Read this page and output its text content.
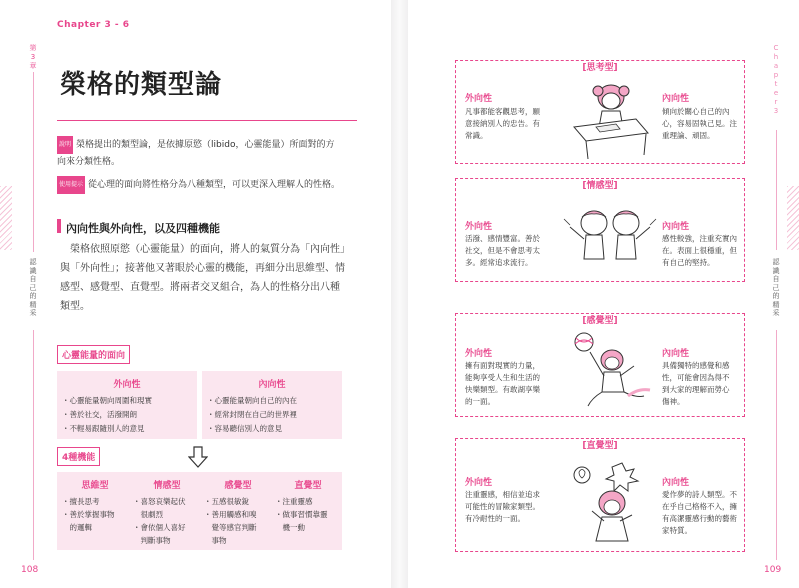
Chapter 3 - 6
第
3
章
認
識
自
己
的
精
采
108
榮格的類型論
說明 榮格提出的類型論，是依據原慾（libido，心靈能量）所面對的方
向來分類性格。
使用提示 從心理的面向將性格分為八種類型，可以更深入理解人的性格。
內向性與外向性，以及四種機能
榮格依照原慾（心靈能量）的面向，將人的氣質分為「內向性」
與「外向性」；接著他又著眼於心靈的機能，再細分出思維型、情
感型、感覺型、直覺型。將兩者交叉組合，為人的性格分出八種
類型。
心靈能量的面向
外向性
・心靈能量朝向周圍和現實
・善於社交，活潑開朗
・不輕易跟隨別人的意見
內向性
・心靈能量朝向自己的內在
・經常封閉在自己的世界裡
・容易聽信別人的意見
4種機能
思維型
・擅長思考
・善於掌握事物
　的邏輯
情感型
・喜怒哀樂起伏
　很劇烈
・會依個人喜好
　判斷事物
感覺型
・五感很敏銳
・善用觸感和嗅
　覺等感官判斷
　事物
直覺型
・注重靈感
・做事習慣靠靈
　機一動
C
h
a
p
t
e
r
3
認
識
自
己
的
精
采
109
[思考型]
外向性
凡事都能客觀思考，願
意接納別人的忠告。有
常識。
內向性
傾向於關心自己的內
心，容易固執己見。注
重理論、頑固。
[情感型]
外向性
活潑、感情豐富。善於
社交，但是不會思考太
多。經常追求流行。
內向性
感性較強，注重充實內
在。表面上很穩重，但
有自己的堅持。
[感覺型]
外向性
擁有面對現實的力量，
能夠享受人生和生活的
快樂類型。有敢湖享樂
的一面。
內向性
具備獨特的感覺和感
性，可能會因為得不
到大家的理解而勞心
傷神。
[直覺型]
外向性
注重靈感，相信並追求
可能性的冒險家類型。
有冷耐性的一面。
內向性
愛作夢的詩人類型。不
在乎自己格格不入，擁
有高潔靈感行動的藝術
家特質。
